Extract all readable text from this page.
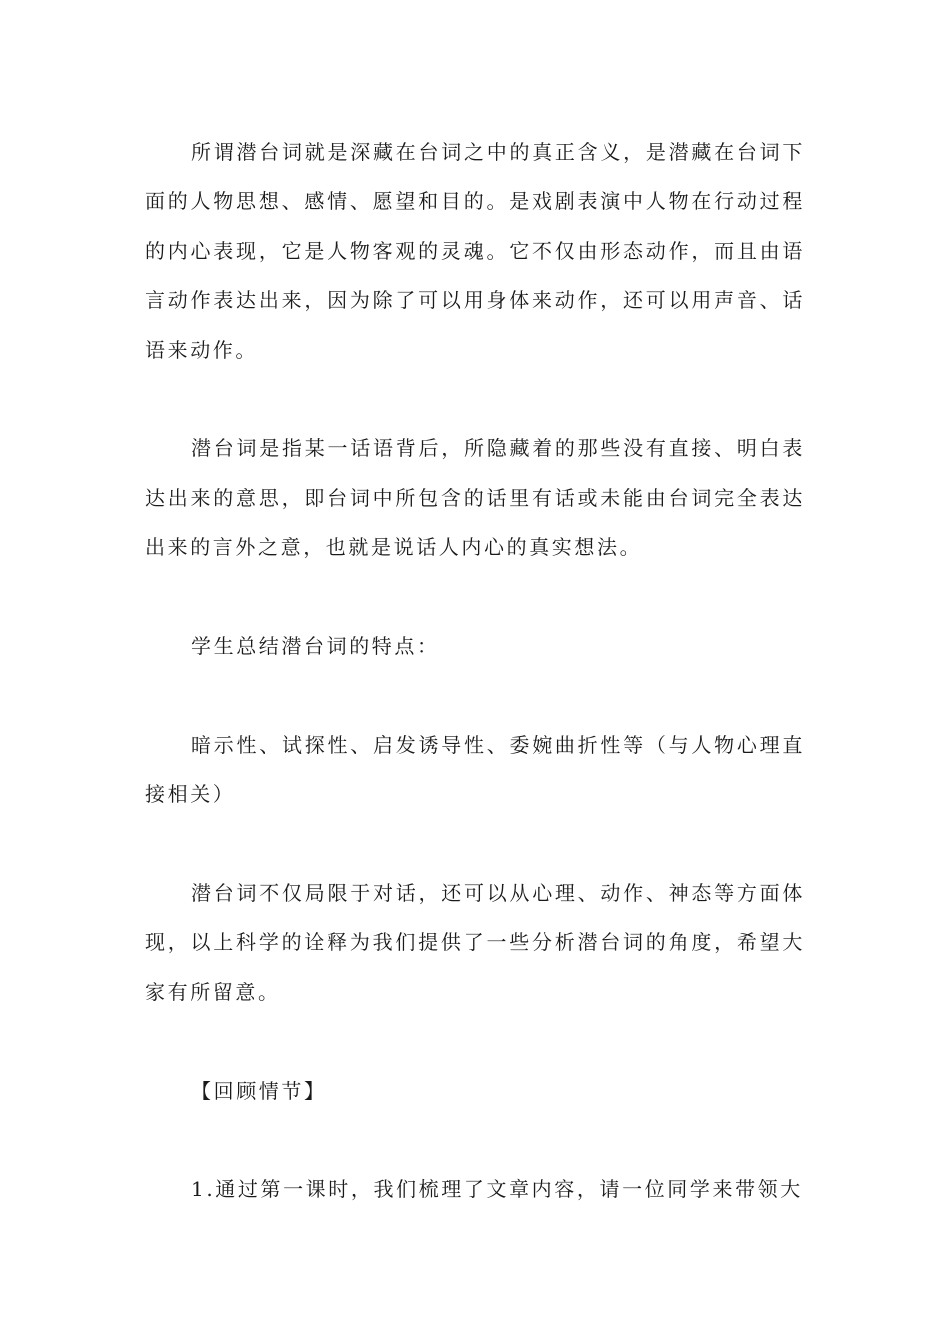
所谓潜台词就是深藏在台词之中的真正含义，是潜藏在台词下面的人物思想、感情、愿望和目的。是戏剧表演中人物在行动过程的内心表现，它是人物客观的灵魂。它不仅由形态动作，而且由语言动作表达出来，因为除了可以用身体来动作，还可以用声音、话语来动作。

潜台词是指某一话语背后，所隐藏着的那些没有直接、明白表达出来的意思，即台词中所包含的话里有话或未能由台词完全表达出来的言外之意，也就是说话人内心的真实想法。

学生总结潜台词的特点：

暗示性、试探性、启发诱导性、委婉曲折性等（与人物心理直接相关）

潜台词不仅局限于对话，还可以从心理、动作、神态等方面体现，以上科学的诠释为我们提供了一些分析潜台词的角度，希望大家有所留意。

【回顾情节】

1.通过第一课时，我们梳理了文章内容，请一位同学来带领大
